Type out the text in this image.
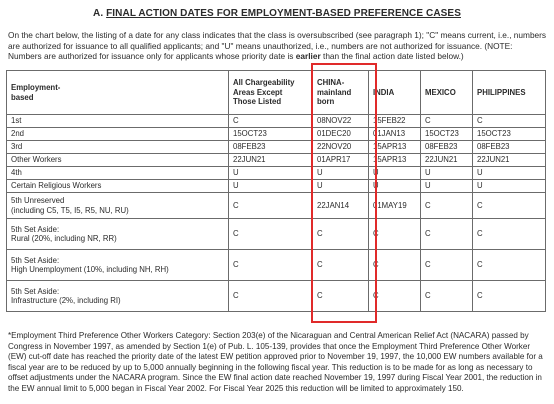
A. FINAL ACTION DATES FOR EMPLOYMENT-BASED PREFERENCE CASES

On the chart below, the listing of a date for any class indicates that the class is oversubscribed (see paragraph 1); "C" means current, i.e., numbers are authorized for issuance to all qualified applicants; and "U" means unauthorized, i.e., numbers are not authorized for issuance. (NOTE: Numbers are authorized for issuance only for applicants whose priority date is earlier than the final action date listed below.)

Employment-
based	All Chargeability
Areas Except
Those Listed	CHINA-
mainland
born	INDIA	MEXICO	PHILIPPINES
1st	C	08NOV22	15FEB22	C	C
2nd	15OCT23	01DEC20	01JAN13	15OCT23	15OCT23
3rd	08FEB23	22NOV20	15APR13	08FEB23	08FEB23
Other Workers	22JUN21	01APR17	15APR13	22JUN21	22JUN21
4th	U	U	U	U	U
Certain Religious Workers	U	U	U	U	U
5th Unreserved
(including C5, T5, I5, R5, NU, RU)	C	22JAN14	01MAY19	C	C
5th Set Aside:
Rural (20%, including NR, RR)	C	C	C	C	C
5th Set Aside:
High Unemployment (10%, including NH, RH)	C	C	C	C	C
5th Set Aside:
Infrastructure (2%, including RI)	C	C	C	C	C

*Employment Third Preference Other Workers Category: Section 203(e) of the Nicaraguan and Central American Relief Act (NACARA) passed by Congress in November 1997, as amended by Section 1(e) of Pub. L. 105-139, provides that once the Employment Third Preference Other Worker (EW) cut-off date has reached the priority date of the latest EW petition approved prior to November 19, 1997, the 10,000 EW numbers available for a fiscal year are to be reduced by up to 5,000 annually beginning in the following fiscal year. This reduction is to be made for as long as necessary to offset adjustments under the NACARA program. Since the EW final action date reached November 19, 1997 during Fiscal Year 2001, the reduction in the EW annual limit to 5,000 began in Fiscal Year 2002. For Fiscal Year 2025 this reduction will be limited to approximately 150.
